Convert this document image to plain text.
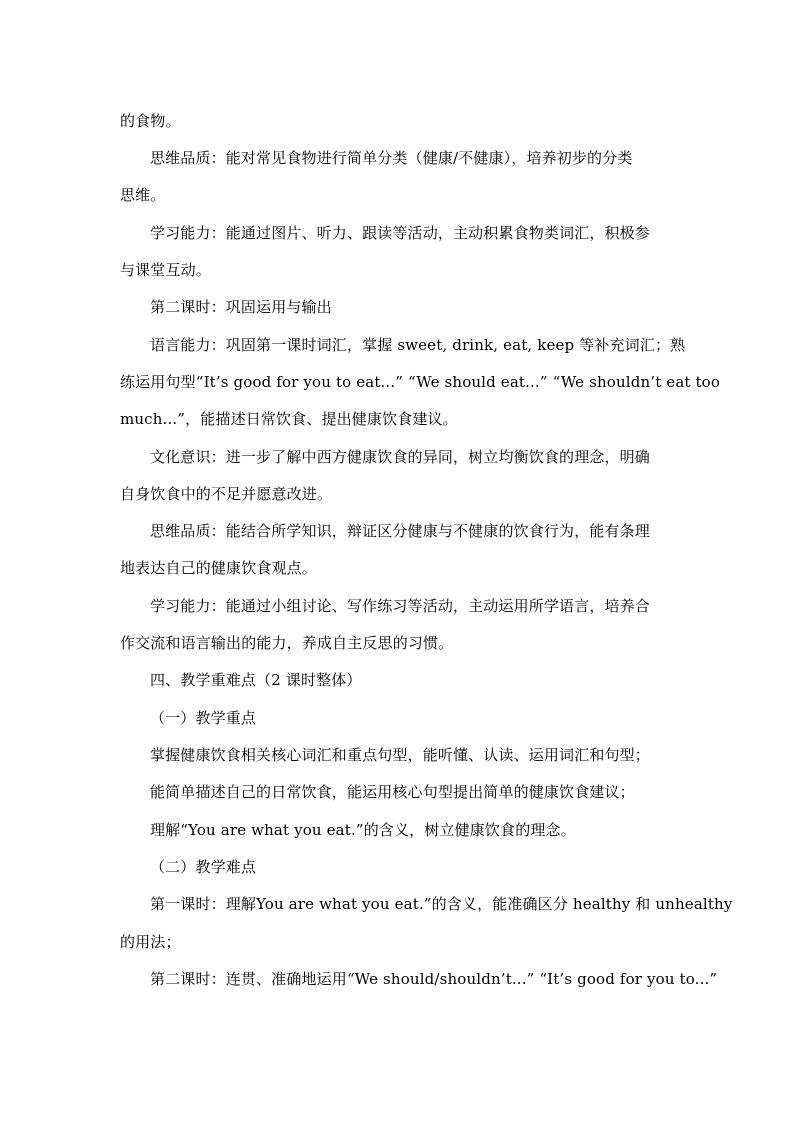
的食物。
思维品质：能对常见食物进行简单分类（健康/不健康），培养初步的分类
思维。
学习能力：能通过图片、听力、跟读等活动，主动积累食物类词汇，积极参
与课堂互动。
第二课时：巩固运用与输出
语言能力：巩固第一课时词汇，掌握 sweet, drink, eat, keep 等补充词汇；熟
练运用句型“It’s good for you to eat...” “We should eat...” “We shouldn’t eat too
much...”，能描述日常饮食、提出健康饮食建议。
文化意识：进一步了解中西方健康饮食的异同，树立均衡饮食的理念，明确
自身饮食中的不足并愿意改进。
思维品质：能结合所学知识，辩证区分健康与不健康的饮食行为，能有条理
地表达自己的健康饮食观点。
学习能力：能通过小组讨论、写作练习等活动，主动运用所学语言，培养合
作交流和语言输出的能力，养成自主反思的习惯。
四、教学重难点（2 课时整体）
（一）教学重点
掌握健康饮食相关核心词汇和重点句型，能听懂、认读、运用词汇和句型；
能简单描述自己的日常饮食，能运用核心句型提出简单的健康饮食建议；
理解“You are what you eat.”的含义，树立健康饮食的理念。
（二）教学难点
第一课时：理解You are what you eat.”的含义，能准确区分 healthy 和 unhealthy
的用法；
第二课时：连贯、准确地运用“We should/shouldn’t...” “It’s good for you to...”
